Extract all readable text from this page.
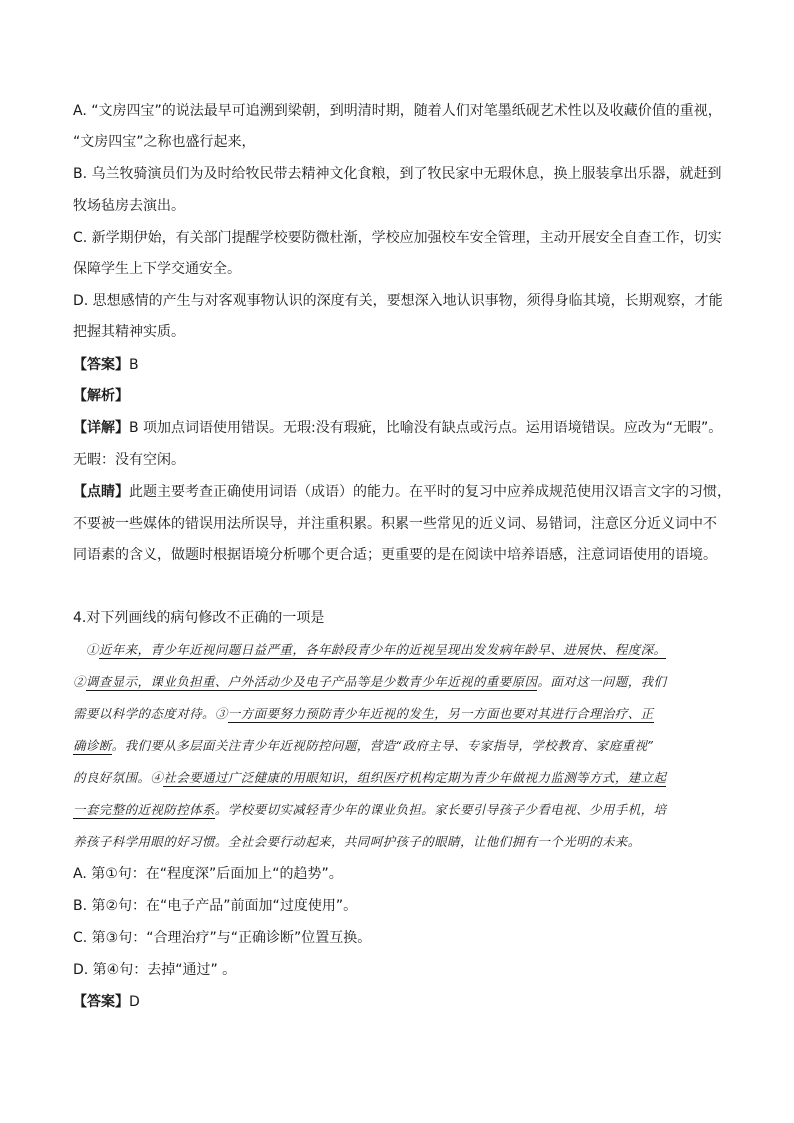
A. “文房四宝”的说法最早可追溯到梁朝，到明清时期，随着人们对笔墨纸砚艺术性以及收藏价值的重视，
“文房四宝”之称也盛行起来，
B. 乌兰牧骑演员们为及时给牧民带去精神文化食粮，到了牧民家中无瑕休息，换上服装拿出乐器，就赶到
牧场毡房去演出。
C. 新学期伊始，有关部门提醒学校要防微杜渐，学校应加强校车安全管理，主动开展安全自查工作，切实
保障学生上下学交通安全。
D. 思想感情的产生与对客观事物认识的深度有关，要想深入地认识事物，须得身临其境，长期观察，才能
把握其精神实质。
【答案】B
【解析】
【详解】B 项加点词语使用错误。无瑕:没有瑕疵，比喻没有缺点或污点。运用语境错误。应改为“无暇”。
无暇：没有空闲。
【点睛】此题主要考查正确使用词语（成语）的能力。在平时的复习中应养成规范使用汉语言文字的习惯，
不要被一些媒体的错误用法所误导，并注重积累。积累一些常见的近义词、易错词，注意区分近义词中不
同语素的含义，做题时根据语境分析哪个更合适；更重要的是在阅读中培养语感，注意词语使用的语境。
4.对下列画线的病句修改不正确的一项是
　①近年来，青少年近视问题日益严重，各年龄段青少年的近视呈现出发发病年龄早、进展快、程度深。
②调查显示，课业负担重、户外活动少及电子产品等是少数青少年近视的重要原因。面对这一问题，我们
需要以科学的态度对待。③一方面要努力预防青少年近视的发生，另一方面也要对其进行合理治疗、正
确诊断。我们要从多层面关注青少年近视防控问题，营造“政府主导、专家指导，学校教育、家庭重视”
的良好氛围。④社会要通过广泛健康的用眼知识，组织医疗机构定期为青少年做视力监测等方式，建立起
一套完整的近视防控体系。学校要切实减轻青少年的课业负担。家长要引导孩子少看电视、少用手机，培
养孩子科学用眼的好习惯。全社会要行动起来，共同呵护孩子的眼睛，让他们拥有一个光明的未来。
A. 第①句：在“程度深”后面加上“的趋势”。
B. 第②句：在“电子产品”前面加“过度使用”。
C. 第③句：“合理治疗”与“正确诊断”位置互换。
D. 第④句：去掉“通过” 。
【答案】D
